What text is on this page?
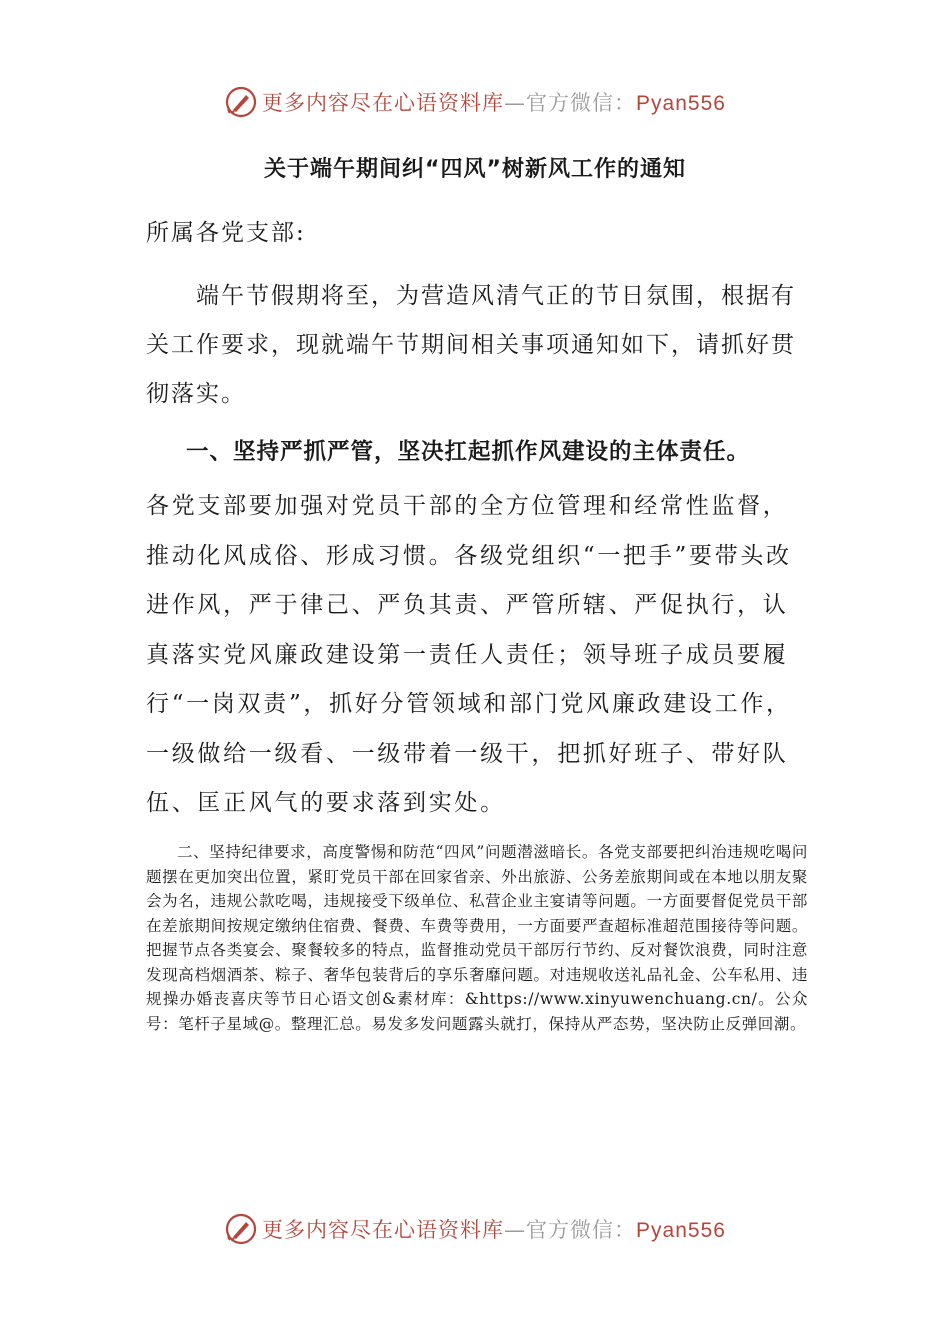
更多内容尽在心语资料库—官方微信：Pyan556
关于端午期间纠“四风”树新风工作的通知
所属各党支部:

端午节假期将至，为营造风清气正的节日氛围，根据有关工作要求，现就端午节期间相关事项通知如下，请抓好贯彻落实。

一、坚持严抓严管，坚决扛起抓作风建设的主体责任。

各党支部要加强对党员干部的全方位管理和经常性监督，推动化风成俗、形成习惯。各级党组织“一把手”要带头改进作风，严于律己、严负其责、严管所辖、严促执行，认真落实党风廉政建设第一责任人责任；领导班子成员要履行“一岗双责”，抓好分管领域和部门党风廉政建设工作，一级做给一级看、一级带着一级干，把抓好班子、带好队伍、匡正风气的要求落到实处。

二、坚持纪律要求，高度警惕和防范“四风”问题潜滋暗长。各党支部要把纠治违规吃喝问题摆在更加突出位置，紧盯党员干部在回家省亲、外出旅游、公务差旅期间或在本地以朋友聚会为名，违规公款吃喝，违规接受下级单位、私营企业主宴请等问题。一方面要督促党员干部在差旅期间按规定缴纳住宿费、餐费、车费等费用，一方面要严查超标准超范围接待等问题。把握节点各类宴会、聚餐较多的特点，监督推动党员干部厉行节约、反对餐饮浪费，同时注意发现高档烟酒茶、粽子、奢华包装背后的享乐奢靡问题。对违规收送礼品礼金、公车私用、违规操办婚丧喜庆等节日心语文创&素材库：&https://www.xinyuwenchuang.cn/。公众号：笔杆子星域@。整理汇总。易发多发问题露头就打，保持从严态势，坚决防止反弹回潮。

更多内容尽在心语资料库—官方微信：Pyan556
